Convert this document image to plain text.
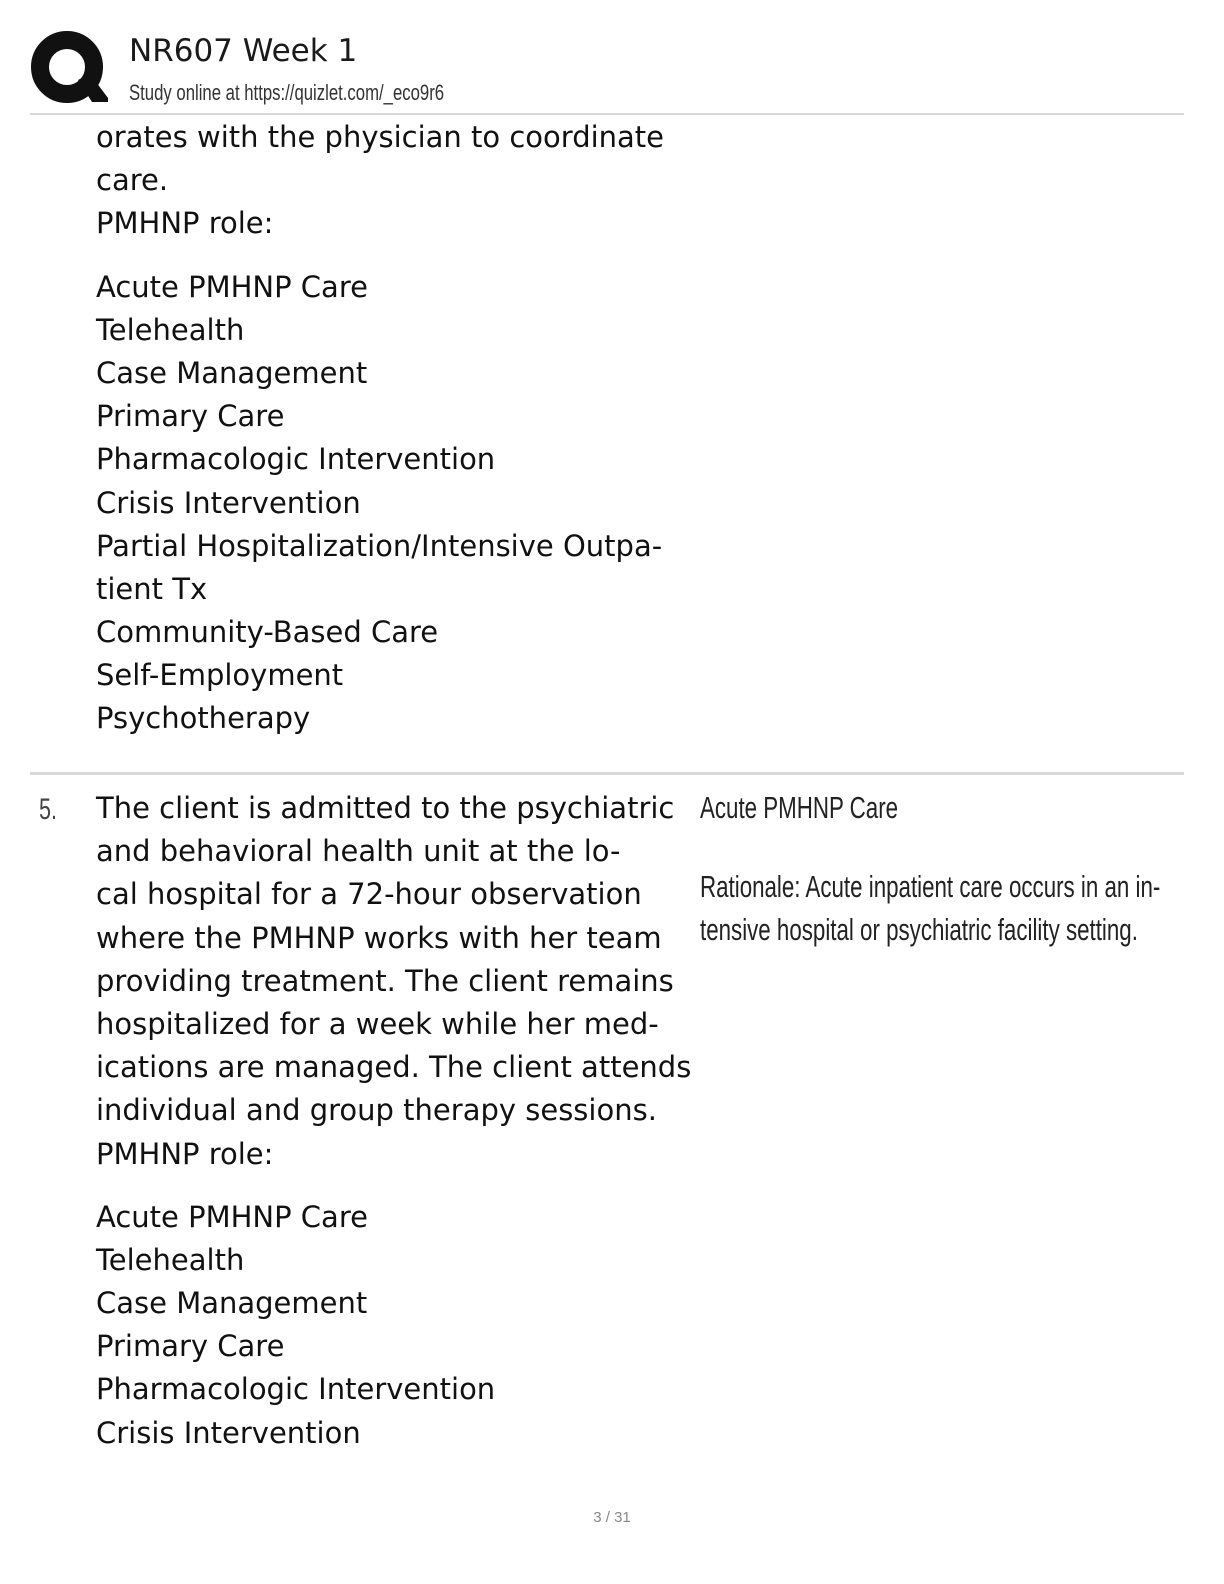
NR607 Week 1
Study online at https://quizlet.com/_eco9r6
orates with the physician to coordinate
care.
PMHNP role:
Acute PMHNP Care
Telehealth
Case Management
Primary Care
Pharmacologic Intervention
Crisis Intervention
Partial Hospitalization/Intensive Outpa-
tient Tx
Community-Based Care
Self-Employment
Psychotherapy
5. The client is admitted to the psychiatric
and behavioral health unit at the lo-
cal hospital for a 72-hour observation
where the PMHNP works with her team
providing treatment. The client remains
hospitalized for a week while her med-
ications are managed. The client attends
individual and group therapy sessions.
PMHNP role:
Acute PMHNP Care
Telehealth
Case Management
Primary Care
Pharmacologic Intervention
Crisis Intervention
Acute PMHNP Care
Rationale: Acute inpatient care occurs in an in-
tensive hospital or psychiatric facility setting.
3 / 31
